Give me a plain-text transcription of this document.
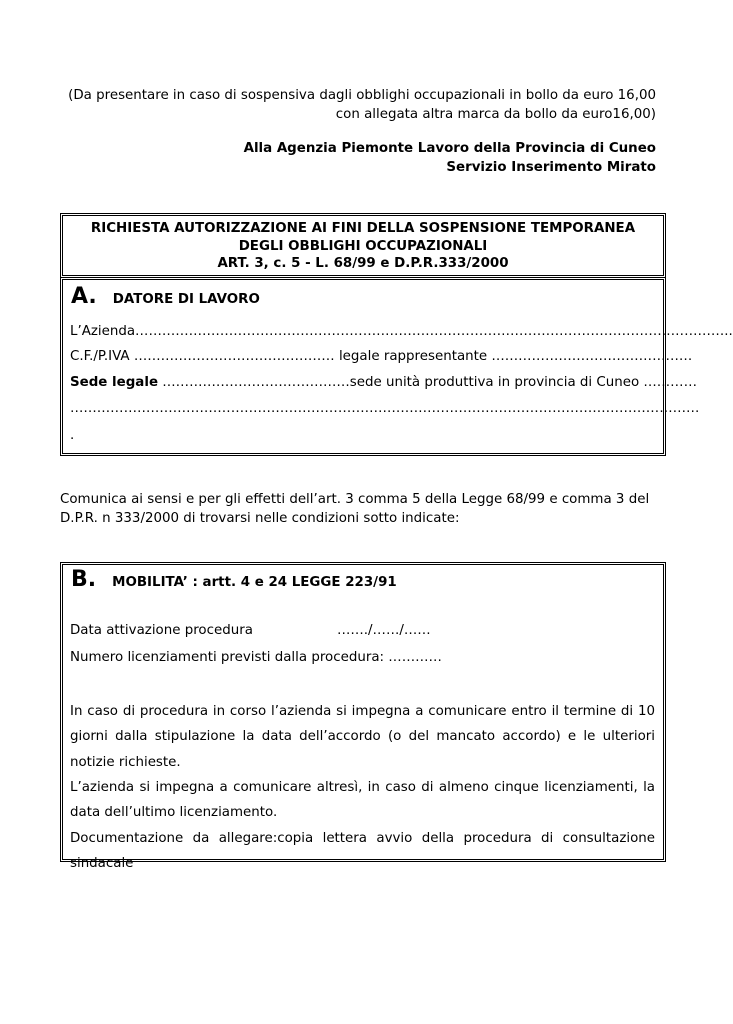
(Da presentare in caso di sospensiva dagli obblighi occupazionali in bollo da euro 16,00
con allegata altra marca da bollo da euro16,00)
Alla Agenzia Piemonte Lavoro della Provincia di Cuneo
Servizio Inserimento Mirato
RICHIESTA AUTORIZZAZIONE AI FINI DELLA SOSPENSIONE TEMPORANEA
DEGLI OBBLIGHI OCCUPAZIONALI
ART. 3, c. 5 - L. 68/99 e D.P.R.333/2000
A. DATORE DI LAVORO
L’Azienda……………………………………………………………………………………………………………………..
C.F./P.IVA ……………………………………… legale rappresentante ………………………………………
Sede legale ……………………………………sede unità produttiva in provincia di Cuneo …………
……………………………………………………………………………………………………………………………
.
Comunica ai sensi e per gli effetti dell’art. 3 comma 5 della Legge 68/99 e comma 3 del
D.P.R. n 333/2000 di trovarsi nelle condizioni sotto indicate:
B. MOBILITA’ : artt. 4 e 24 LEGGE 223/91
Data attivazione procedura	……./……/……
Numero licenziamenti previsti dalla procedura: …………
In caso di procedura in corso l’azienda si impegna a comunicare entro il termine di 10 giorni dalla stipulazione la data dell’accordo (o del mancato accordo) e le ulteriori notizie richieste.
L’azienda si impegna a comunicare altresì, in caso di almeno cinque licenziamenti, la data dell’ultimo licenziamento.
Documentazione da allegare:copia lettera avvio della procedura di consultazione sindacale
